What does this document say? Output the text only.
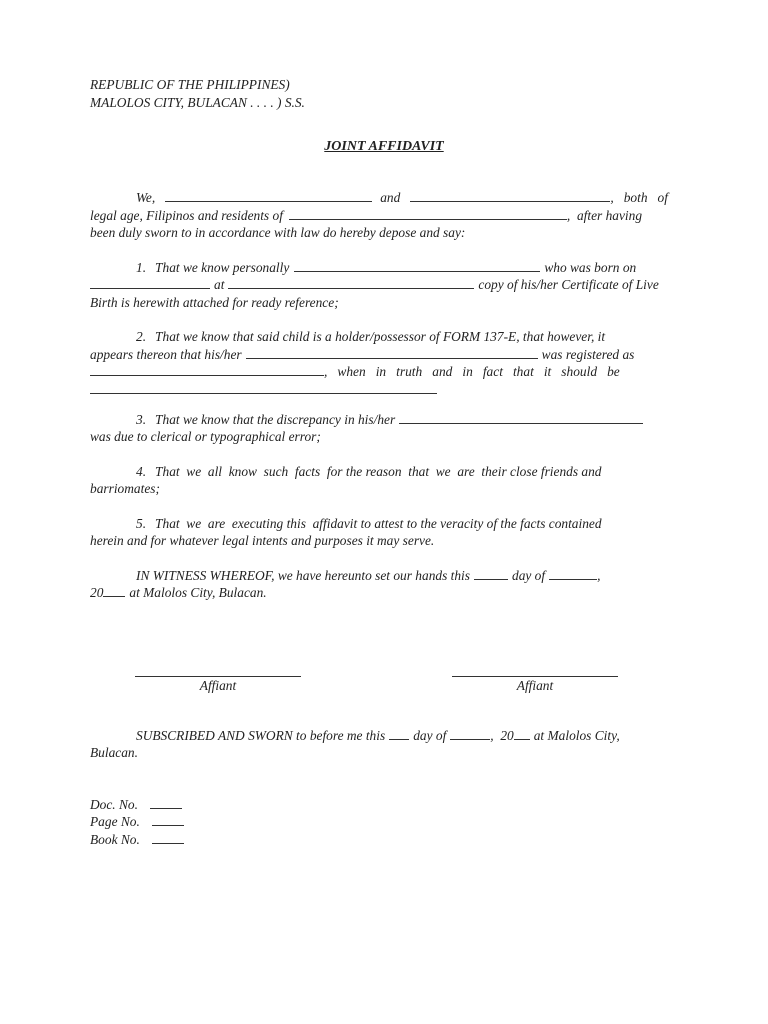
REPUBLIC OF THE PHILIPPINES)
MALOLOS CITY, BULACAN . . . . ) S.S.
JOINT AFFIDAVIT
We,	and	,   both   of
legal age, Filipinos and residents of	,  after having
been duly sworn to in accordance with law do hereby depose and say:
1. That we know personally	who was born on
at	copy of his/her Certificate of Live
Birth is herewith attached for ready reference;
2. That we know that said child is a holder/possessor of FORM 137-E, that however, it
appears thereon that his/her	was registered as
,   when   in   truth   and   in   fact   that   it   should   be
3. That we know that the discrepancy in his/her
was due to clerical or typographical error;
4. That  we  all  know  such  facts  for the reason  that  we  are  their close friends and
barriomates;
5. That  we  are  executing this  affidavit to attest to the veracity of the facts contained
herein and for whatever legal intents and purposes it may serve.
IN WITNESS WHEREOF, we have hereunto set our hands this	day of	,
20 at Malolos City, Bulacan.
Affiant	Affiant
SUBSCRIBED AND SWORN to before me this day of	,  20 at Malolos City,
Bulacan.
Doc. No.
Page No.
Book No.
